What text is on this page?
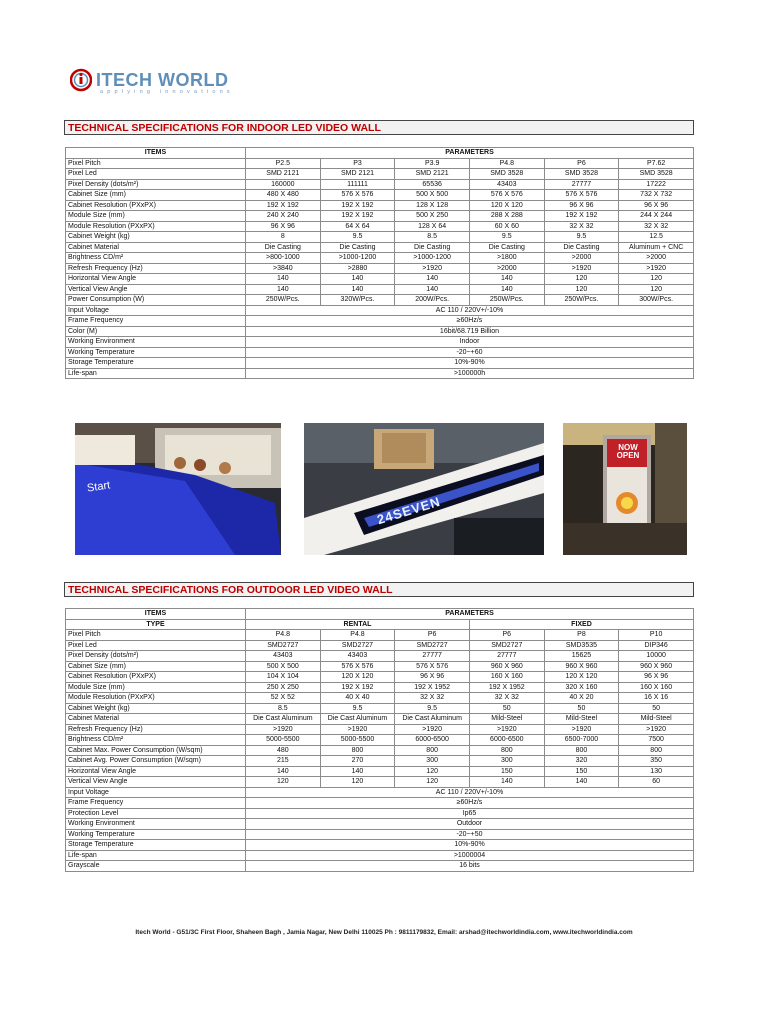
ITECH WORLD
applying innovations
TECHNICAL SPECIFICATIONS FOR INDOOR LED VIDEO WALL
ITEMS	PARAMETERS					
Pixel Pitch	P2.5	P3	P3.9	P4.8	P6	P7.62
Pixel Led	SMD 2121	SMD 2121	SMD 2121	SMD 3528	SMD 3528	SMD 3528
Pixel Density (dots/m²)	160000	111111	65536	43403	27777	17222
Cabinet Size (mm)	480 X 480	576 X 576	500 X 500	576 X 576	576 X 576	732 X 732
Cabinet Resolution (PXxPX)	192 X 192	192 X 192	128 X 128	120 X 120	96 X 96	96 X 96
Module Size (mm)	240 X 240	192 X 192	500 X 250	288 X 288	192 X 192	244 X 244
Module Resolution (PXxPX)	96 X 96	64 X 64	128 X 64	60 X 60	32 X 32	32 X 32
Cabinet Weight (kg)	8	9.5	8.5	9.5	9.5	12.5
Cabinet Material	Die Casting	Die Casting	Die Casting	Die Casting	Die Casting	Aluminum + CNC
Brightness CD/m²	>800-1000	>1000-1200	>1000-1200	>1800	>2000	>2000
Refresh Frequency (Hz)	>3840	>2880	>1920	>2000	>1920	>1920
Horizontal View Angle	140	140	140	140	120	120
Vertical View Angle	140	140	140	140	120	120
Power Consumption (W)	250W/Pcs.	320W/Pcs.	200W/Pcs.	250W/Pcs.	250W/Pcs.	300W/Pcs.
Input Voltage	AC 110 / 220V+/-10%					
Frame Frequency	≥60Hz/s					
Color (M)	16bit/68.719 Billion					
Working Environment	Indoor					
Working Temperature	-20~+60					
Storage Temperature	10%-90%					
Life-span	>100000h					
Start
24SEVEN
NOW OPEN
TECHNICAL SPECIFICATIONS FOR OUTDOOR LED VIDEO WALL
ITEMS	PARAMETERS					
TYPE	RENTAL			FIXED		
Pixel Pitch	P4.8	P4.8	P6	P6	P8	P10
Pixel Led	SMD2727	SMD2727	SMD2727	SMD2727	SMD3535	DIP346
Pixel Density (dots/m²)	43403	43403	27777	27777	15625	10000
Cabinet Size (mm)	500 X 500	576 X 576	576 X 576	960 X 960	960 X 960	960 X 960
Cabinet Resolution (PXxPX)	104 X 104	120 X 120	96 X 96	160 X 160	120 X 120	96 X 96
Module Size (mm)	250 X 250	192 X 192	192 X 1952	192 X 1952	320 X 160	160 X 160
Module Resolution (PXxPX)	52 X 52	40 X 40	32 X 32	32 X 32	40 X 20	16 X 16
Cabinet Weight (kg)	8.5	9.5	9.5	50	50	50
Cabinet Material	Die Cast Aluminum	Die Cast Aluminum	Die Cast Aluminum	Mild-Steel	Mild-Steel	Mild-Steel
Refresh Frequency (Hz)	>1920	>1920	>1920	>1920	>1920	>1920
Brightness CD/m²	5000-5500	5000-5500	6000-6500	6000-6500	6500-7000	7500
Cabinet Max. Power Consumption (W/sqm)	480	800	800	800	800	800
Cabinet Avg. Power Consumption (W/sqm)	215	270	300	300	320	350
Horizontal View Angle	140	140	120	150	150	130
Vertical View Angle	120	120	120	140	140	60
Input Voltage	AC 110 / 220V+/-10%					
Frame Frequency	≥60Hz/s					
Protection Level	Ip65					
Working Environment	Outdoor					
Working Temperature	-20~+50					
Storage Temperature	10%-90%					
Life-span	>1000004					
Grayscale	16 bits					
Itech World - G51/3C First Floor, Shaheen Bagh , Jamia Nagar, New Delhi 110025 Ph : 9811179832, Email: arshad@itechworldindia.com, www.itechworldindia.com
